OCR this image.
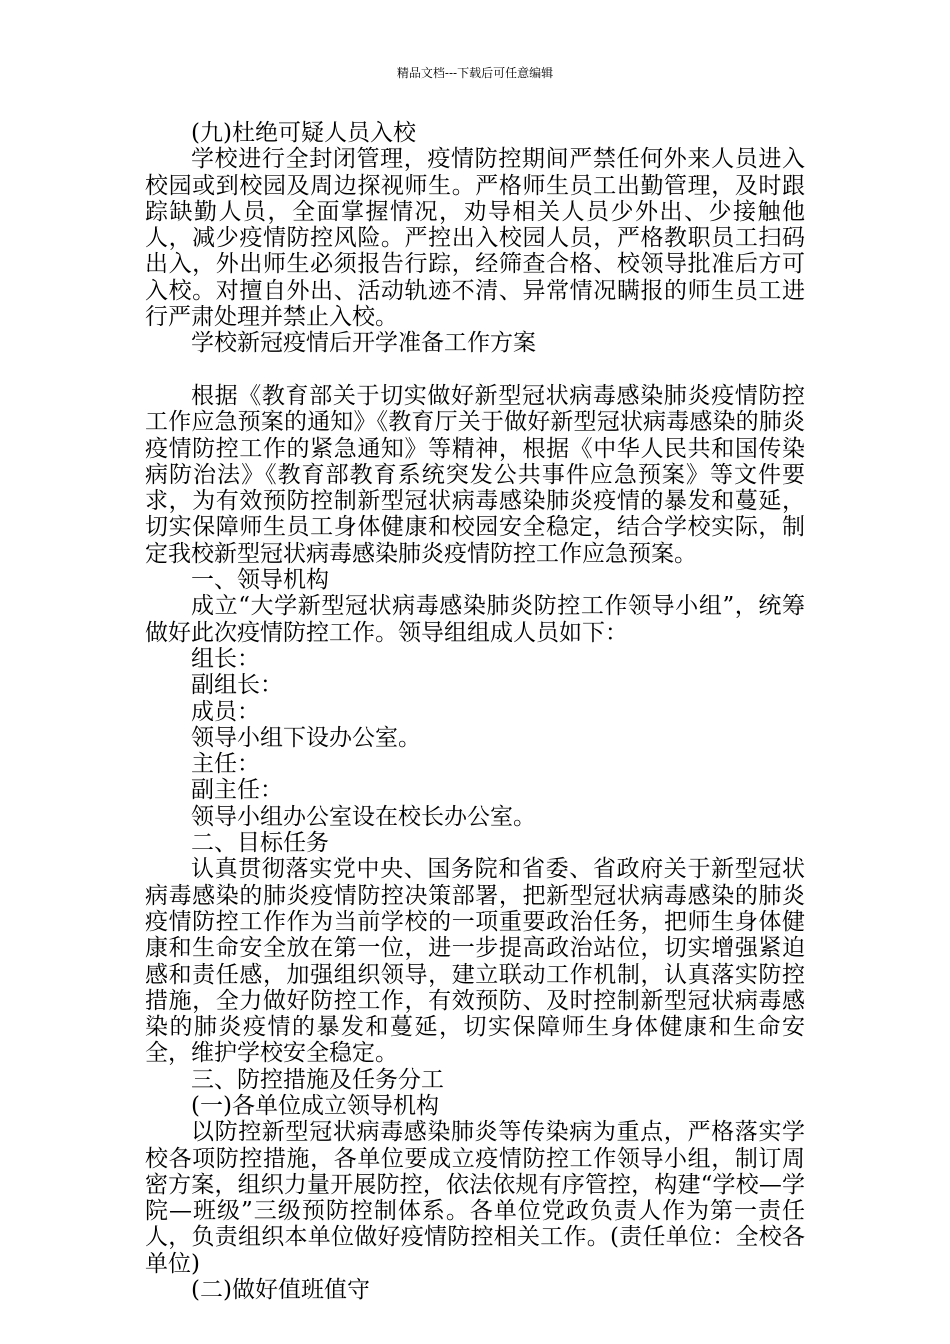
精品文档---下载后可任意编辑

(九)杜绝可疑人员入校

学校进行全封闭管理，疫情防控期间严禁任何外来人员进入校园或到校园及周边探视师生。严格师生员工出勤管理，及时跟踪缺勤人员，全面掌握情况，劝导相关人员少外出、少接触他人，减少疫情防控风险。严控出入校园人员，严格教职员工扫码出入，外出师生必须报告行踪，经筛查合格、校领导批准后方可入校。对擅自外出、活动轨迹不清、异常情况瞒报的师生员工进行严肃处理并禁止入校。

学校新冠疫情后开学准备工作方案

根据《教育部关于切实做好新型冠状病毒感染肺炎疫情防控工作应急预案的通知》《教育厅关于做好新型冠状病毒感染的肺炎疫情防控工作的紧急通知》等精神，根据《中华人民共和国传染病防治法》《教育部教育系统突发公共事件应急预案》等文件要求，为有效预防控制新型冠状病毒感染肺炎疫情的暴发和蔓延，切实保障师生员工身体健康和校园安全稳定，结合学校实际，制定我校新型冠状病毒感染肺炎疫情防控工作应急预案。

一、领导机构

成立“大学新型冠状病毒感染肺炎防控工作领导小组”，统筹做好此次疫情防控工作。领导组组成人员如下：

组长：

副组长：

成员：

领导小组下设办公室。

主任：

副主任：

领导小组办公室设在校长办公室。

二、目标任务

认真贯彻落实党中央、国务院和省委、省政府关于新型冠状病毒感染的肺炎疫情防控决策部署，把新型冠状病毒感染的肺炎疫情防控工作作为当前学校的一项重要政治任务，把师生身体健康和生命安全放在第一位，进一步提高政治站位，切实增强紧迫感和责任感，加强组织领导，建立联动工作机制，认真落实防控措施，全力做好防控工作，有效预防、及时控制新型冠状病毒感染的肺炎疫情的暴发和蔓延，切实保障师生身体健康和生命安全，维护学校安全稳定。

三、防控措施及任务分工

(一)各单位成立领导机构

以防控新型冠状病毒感染肺炎等传染病为重点，严格落实学校各项防控措施，各单位要成立疫情防控工作领导小组，制订周密方案，组织力量开展防控，依法依规有序管控，构建“学校—学院—班级”三级预防控制体系。各单位党政负责人作为第一责任人，负责组织本单位做好疫情防控相关工作。(责任单位：全校各单位)

(二)做好值班值守
